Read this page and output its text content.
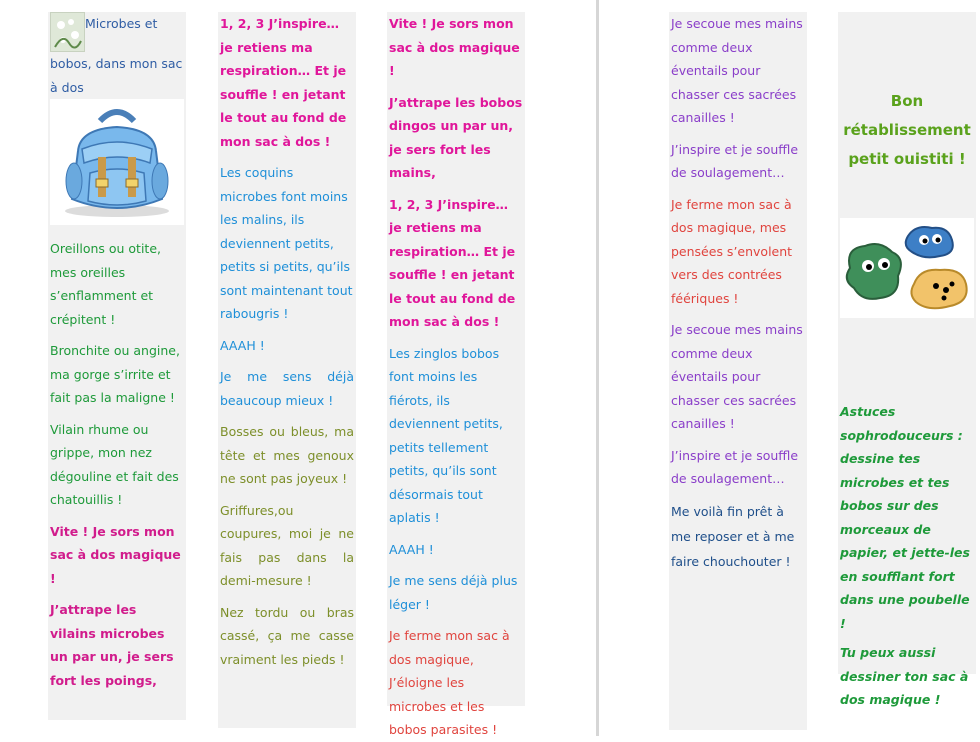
Microbes et bobos, dans mon sac à dos

Oreillons ou otite, mes oreilles s’enflamment et crépitent !

Bronchite ou angine, ma gorge s’irrite et fait pas la maligne !

Vilain rhume ou grippe, mon nez dégouline et fait des chatouillis !

Vite ! Je sors mon sac à dos magique !

J’attrape les vilains microbes un par un, je sers fort les poings,

1, 2, 3 J’inspire… je retiens ma respiration… Et je souffle ! en jetant le tout au fond de mon sac à dos !

Les coquins microbes font moins les malins, ils deviennent petits, petits si petits, qu’ils sont maintenant tout rabougris !

AAAH !

Je me sens déjà beaucoup mieux !

Bosses ou bleus, ma tête et mes genoux ne sont pas joyeux !

Griffures,ou coupures, moi je ne fais pas dans la demi-mesure !

Nez tordu ou bras cassé, ça me casse vraiment les pieds !

Vite ! Je sors mon sac à dos magique !

J’attrape les bobos dingos un par un, je sers fort les mains,

1, 2, 3 J’inspire… je retiens ma respiration… Et je souffle ! en jetant le tout au fond de mon sac à dos !

Les zinglos bobos font moins les fiérots, ils deviennent petits, petits tellement petits, qu’ils sont désormais tout aplatis !

AAAH !

Je me sens déjà plus léger !

Je ferme mon sac à dos magique, J’éloigne les microbes et les bobos parasites !

Je secoue mes mains comme deux éventails pour chasser ces sacrées canailles !

J’inspire et je souffle de soulagement…

Je ferme mon sac à dos magique, mes pensées s’envolent vers des contrées féériques !

Je secoue mes mains comme deux éventails pour chasser ces sacrées canailles !

J’inspire et je souffle de soulagement…

Me voilà fin prêt à me reposer et à me faire chouchouter !

Bon rétablissement petit ouistiti !

Astuces sophrodouceurs : dessine tes microbes et tes bobos sur des morceaux de papier, et jette-les en soufflant fort dans une poubelle !

Tu peux aussi dessiner ton sac à dos magique !
